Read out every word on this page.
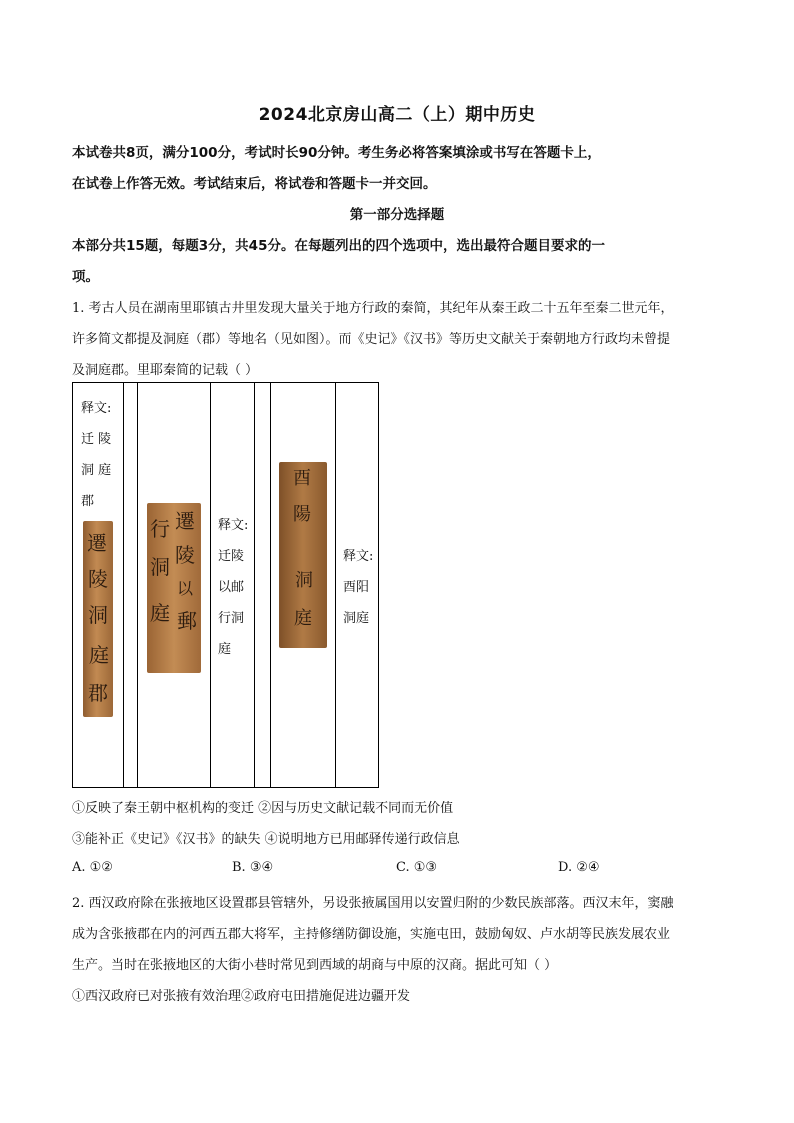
2024北京房山高二（上）期中历史
本试卷共8页，满分100分，考试时长90分钟。考生务必将答案填涂或书写在答题卡上，
在试卷上作答无效。考试结束后，将试卷和答题卡一并交回。
第一部分选择题
本部分共15题，每题3分，共45分。在每题列出的四个选项中，选出最符合题目要求的一
项。
1. 考古人员在湖南里耶镇古井里发现大量关于地方行政的秦简，其纪年从秦王政二十五年至秦二世元年，
许多简文都提及洞庭（郡）等地名（见如图）。而《史记》《汉书》等历史文献关于秦朝地方行政均未曾提
及洞庭郡。里耶秦简的记载（ ）
释文:
迁 陵
洞 庭
郡
遷
陵
洞
庭
郡
遷
陵
以
郵
行
洞
庭
释文:
迁陵
以邮
行洞
庭
酉
陽
洞
庭
释文:
酉阳
洞庭
①反映了秦王朝中枢机构的变迁 ②因与历史文献记载不同而无价值
③能补正《史记》《汉书》的缺失 ④说明地方已用邮驿传递行政信息
A. ①②	B. ③④	C. ①③	D. ②④
2. 西汉政府除在张掖地区设置郡县管辖外，另设张掖属国用以安置归附的少数民族部落。西汉末年，窦融
成为含张掖郡在内的河西五郡大将军，主持修缮防御设施，实施屯田，鼓励匈奴、卢水胡等民族发展农业
生产。当时在张掖地区的大街小巷时常见到西域的胡商与中原的汉商。据此可知（ ）
①西汉政府已对张掖有效治理②政府屯田措施促进边疆开发
